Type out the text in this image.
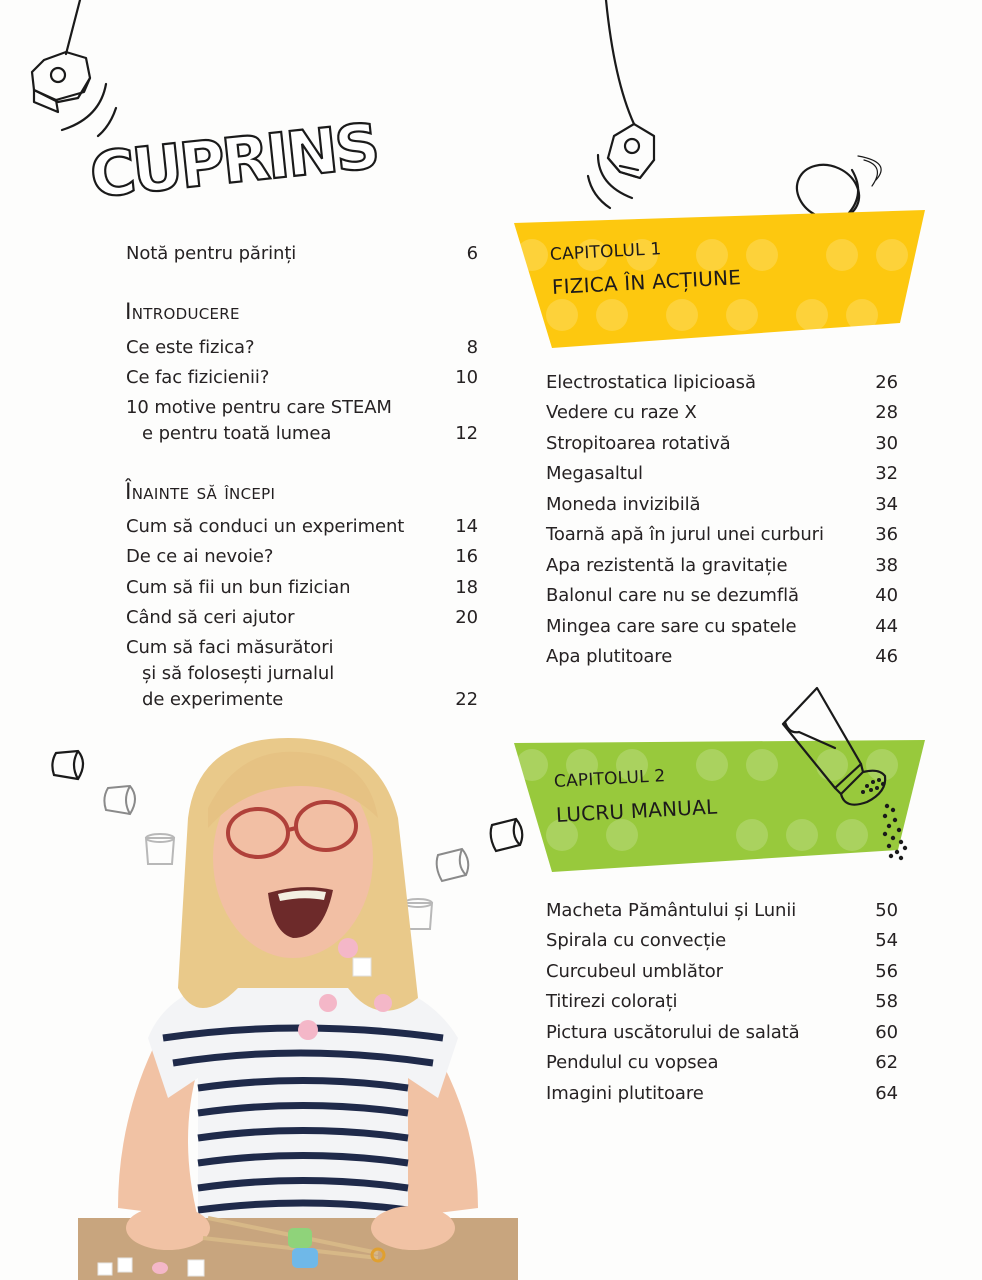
CUPRINS
Notă pentru părinți	6
Introducere
Ce este fizica?	8
Ce fac fizicienii?	10
10 motive pentru care STEAM
e pentru toată lumea	12
Înainte să începi
Cum să conduci un experiment	14
De ce ai nevoie?	16
Cum să fii un bun fizician	18
Când să ceri ajutor	20
Cum să faci măsurători
și să folosești jurnalul
de experimente	22
CAPITOLUL 1
FIZICA ÎN ACȚIUNE
Electrostatica lipicioasă	26
Vedere cu raze X	28
Stropitoarea rotativă	30
Megasaltul	32
Moneda invizibilă	34
Toarnă apă în jurul unei curburi	36
Apa rezistentă la gravitație	38
Balonul care nu se dezumflă	40
Mingea care sare cu spatele	44
Apa plutitoare	46
CAPITOLUL 2
LUCRU MANUAL
Macheta Pământului și Lunii	50
Spirala cu convecție	54
Curcubeul umblător	56
Titirezi colorați	58
Pictura uscătorului de salată	60
Pendulul cu vopsea	62
Imagini plutitoare	64
